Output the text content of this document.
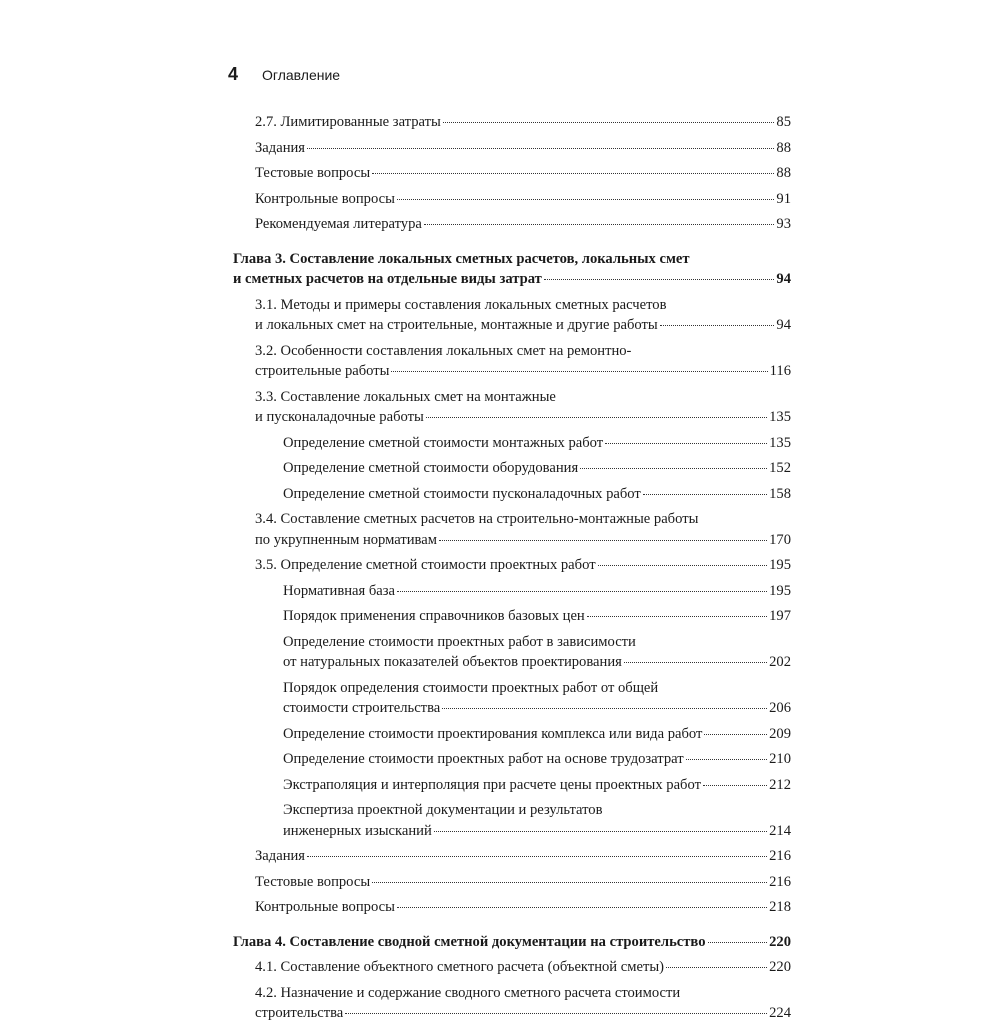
4 Оглавление
2.7. Лимитированные затраты	85
Задания	88
Тестовые вопросы	88
Контрольные вопросы	91
Рекомендуемая литература	93
Глава 3. Составление локальных сметных расчетов, локальных смет
и сметных расчетов на отдельные виды затрат	94
3.1. Методы и примеры составления локальных сметных расчетов
и локальных смет на строительные, монтажные и другие работы	94
3.2. Особенности составления локальных смет на ремонтно-
строительные работы	116
3.3. Составление локальных смет на монтажные
и пусконаладочные работы	135
Определение сметной стоимости монтажных работ	135
Определение сметной стоимости оборудования	152
Определение сметной стоимости пусконаладочных работ	158
3.4. Составление сметных расчетов на строительно-монтажные работы
по укрупненным нормативам	170
3.5. Определение сметной стоимости проектных работ	195
Нормативная база	195
Порядок применения справочников базовых цен	197
Определение стоимости проектных работ в зависимости
от натуральных показателей объектов проектирования	202
Порядок определения стоимости проектных работ от общей
стоимости строительства	206
Определение стоимости проектирования комплекса или вида работ	209
Определение стоимости проектных работ на основе трудозатрат	210
Экстраполяция и интерполяция при расчете цены проектных работ	212
Экспертиза проектной документации и результатов
инженерных изысканий	214
Задания	216
Тестовые вопросы	216
Контрольные вопросы	218
Глава 4. Составление сводной сметной документации на строительство	220
4.1. Составление объектного сметного расчета (объектной сметы)	220
4.2. Назначение и содержание сводного сметного расчета стоимости
строительства	224
